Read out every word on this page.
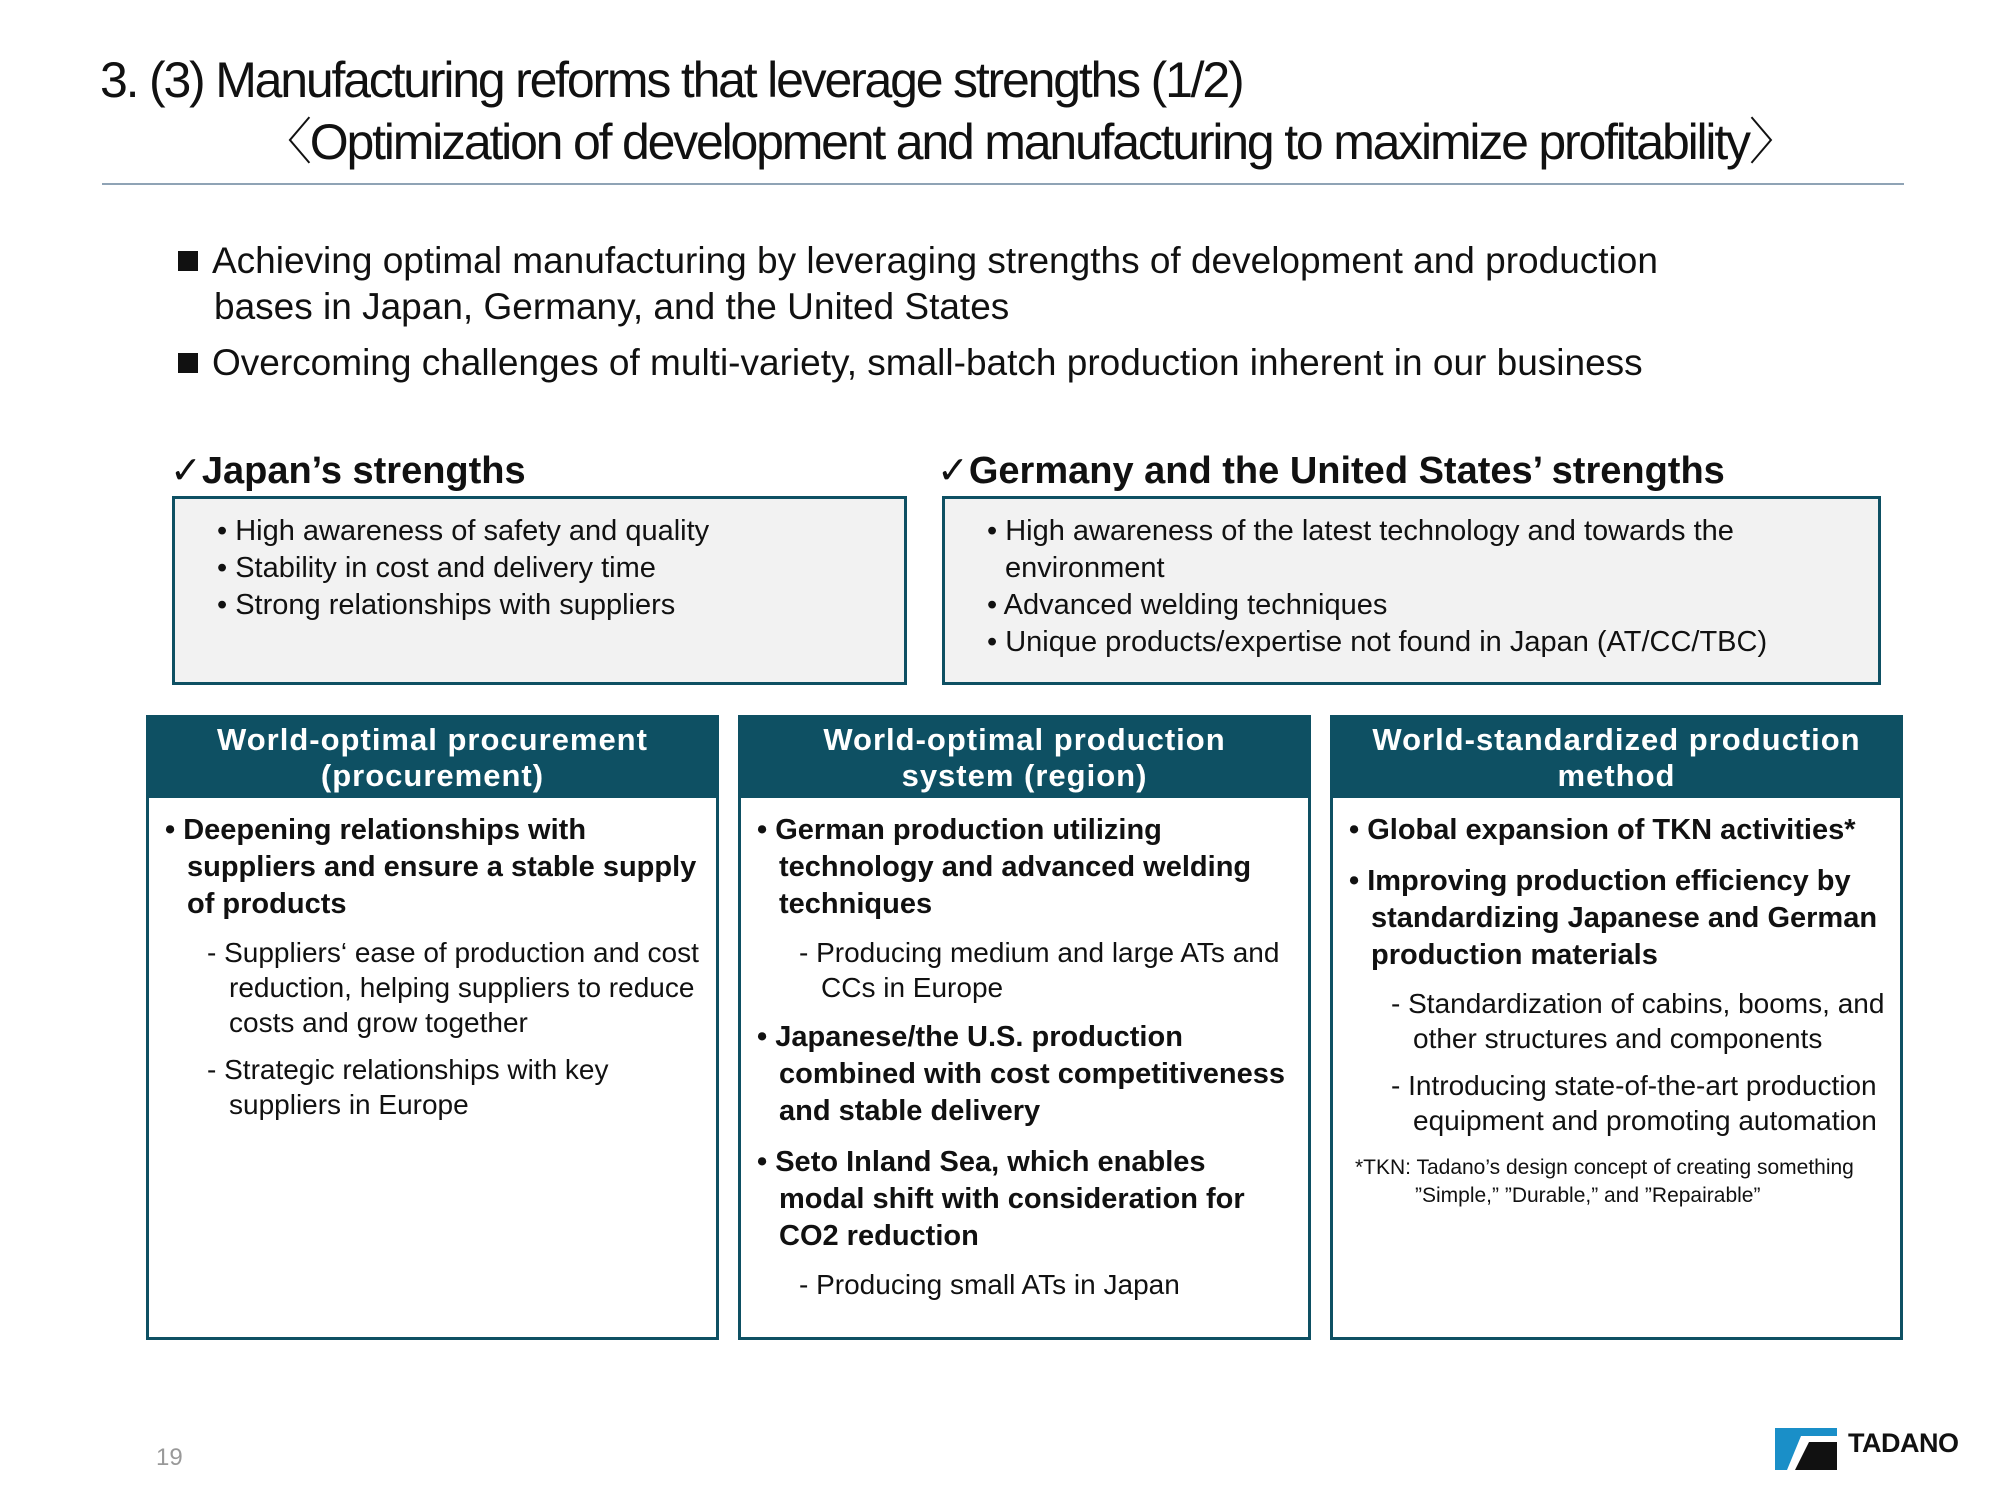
3. (3) Manufacturing reforms that leverage strengths (1/2)
〈Optimization of development and manufacturing to maximize profitability〉
Achieving optimal manufacturing by leveraging strengths of development and production
bases in Japan, Germany, and the United States
Overcoming challenges of multi-variety, small-batch production inherent in our business
✓Japan’s strengths	✓Germany and the United States’ strengths
• High awareness of safety and quality
• Stability in cost and delivery time
• Strong relationships with suppliers
• High awareness of the latest technology and towards the environment
• Advanced welding techniques
• Unique products/expertise not found in Japan (AT/CC/TBC)
World-optimal procurement
(procurement)
• Deepening relationships with suppliers and ensure a stable supply of products
- Suppliers‘ ease of production and cost reduction, helping suppliers to reduce costs and grow together
- Strategic relationships with key suppliers in Europe
World-optimal production
system (region)
• German production utilizing technology and advanced welding techniques
- Producing medium and large ATs and CCs in Europe
• Japanese/the U.S. production combined with cost competitiveness and stable delivery
• Seto Inland Sea, which enables modal shift with consideration for CO2 reduction
- Producing small ATs in Japan
World-standardized production
method
• Global expansion of TKN activities*
• Improving production efficiency by standardizing Japanese and German production materials
- Standardization of cabins, booms, and other structures and components
- Introducing state-of-the-art production equipment and promoting automation
*TKN: Tadano’s design concept of creating something
”Simple,” ”Durable,” and ”Repairable”
19	TADANO
